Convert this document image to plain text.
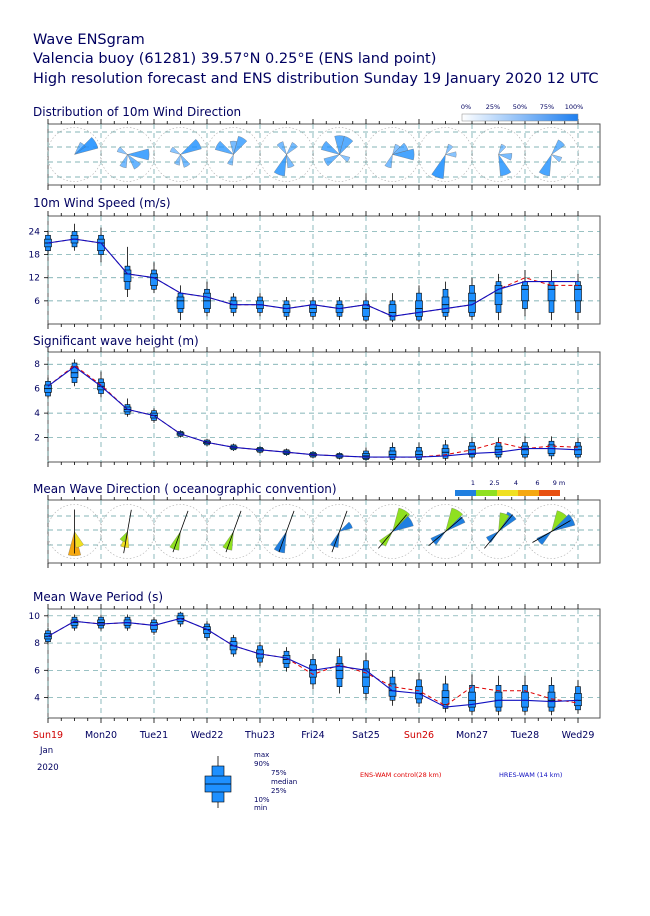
Wave ENSgram
Valencia buoy (61281) 39.57°N 0.25°E (ENS land point)
High resolution forecast and ENS distribution Sunday 19 January 2020 12 UTC
Distribution of 10m Wind Direction
10m Wind Speed (m/s)
Significant wave height (m)
Mean Wave Direction ( oceanographic convention)
Mean Wave Period (s)
6
12
18
24
2
4
6
8
4
6
8
10
0% 25% 50% 75% 100%
1 2.5 4	6 9 m
Sun19 Mon20 Tue21 Wed22 Thu23	Fri24	Sat25	Sun26 Mon27 Tue28 Wed29
Jan
2020
max
90%
75%
median
25%
10%
min
ENS-WAM control(28 km)	HRES-WAM (14 km)
